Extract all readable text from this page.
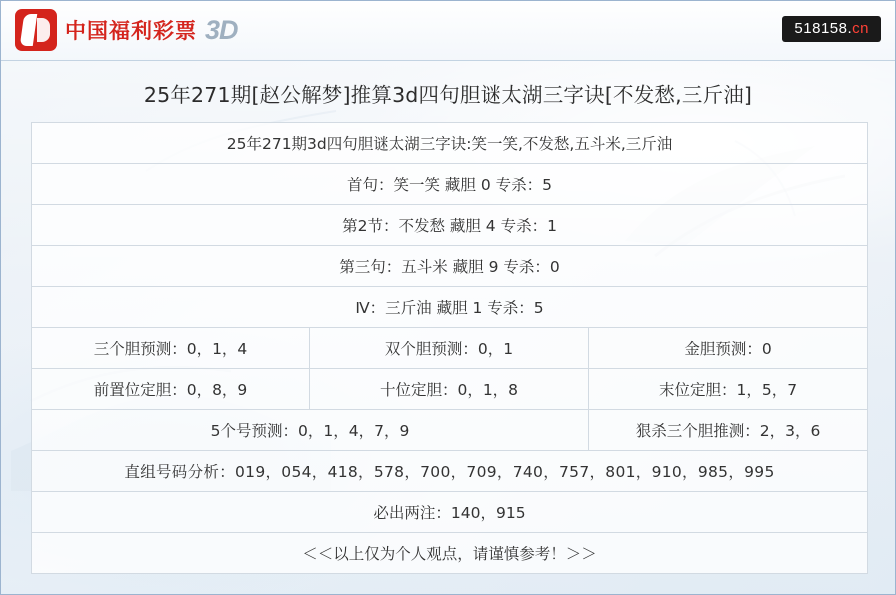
中国福利彩票 3D	518158.cn
25年271期[赵公解梦]推算3d四句胆谜太湖三字诀[不发愁,三斤油]
25年271期3d四句胆谜太湖三字诀:笑一笑,不发愁,五斗米,三斤油		
首句：笑一笑 藏胆 0 专杀：5		
第2节：不发愁 藏胆 4 专杀：1		
第三句：五斗米 藏胆 9 专杀：0		
Ⅳ：三斤油 藏胆 1 专杀：5		
三个胆预测：0，1，4	双个胆预测：0，1	金胆预测：0
前置位定胆：0，8，9	十位定胆：0，1，8	末位定胆：1，5，7
5个号预测：0，1，4，7，9		狠杀三个胆推测：2，3，6
直组号码分析：019，054，418，578，700，709，740，757，801，910，985，995		
必出两注：140，915		
＜＜以上仅为个人观点，请谨慎参考！＞＞		
